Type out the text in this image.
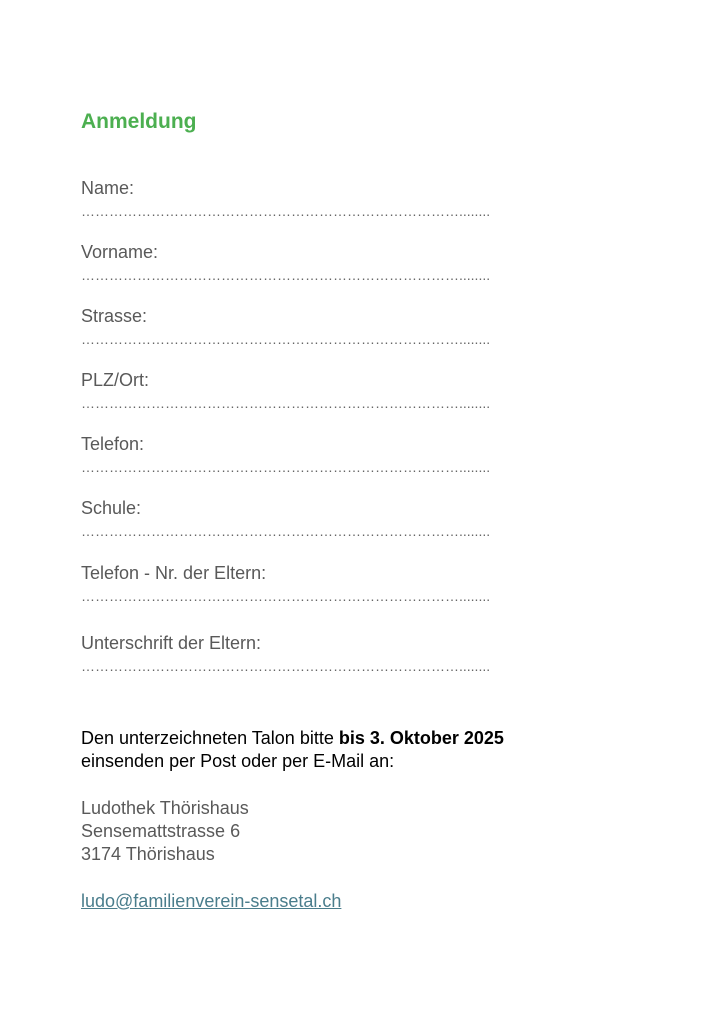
Anmeldung
Name:
………………………………………………………………………........
Vorname:
………………………………………………………………………........
Strasse:
………………………………………………………………………........
PLZ/Ort:
………………………………………………………………………........
Telefon:
………………………………………………………………………........
Schule:
………………………………………………………………………........
Telefon - Nr. der Eltern:
………………………………………………………………………........
Unterschrift der Eltern:
………………………………………………………………………........
Den unterzeichneten Talon bitte bis 3. Oktober 2025
einsenden per Post oder per E-Mail an:
Ludothek Thörishaus
Sensemattstrasse 6
3174 Thörishaus
ludo@familienverein-sensetal.ch
